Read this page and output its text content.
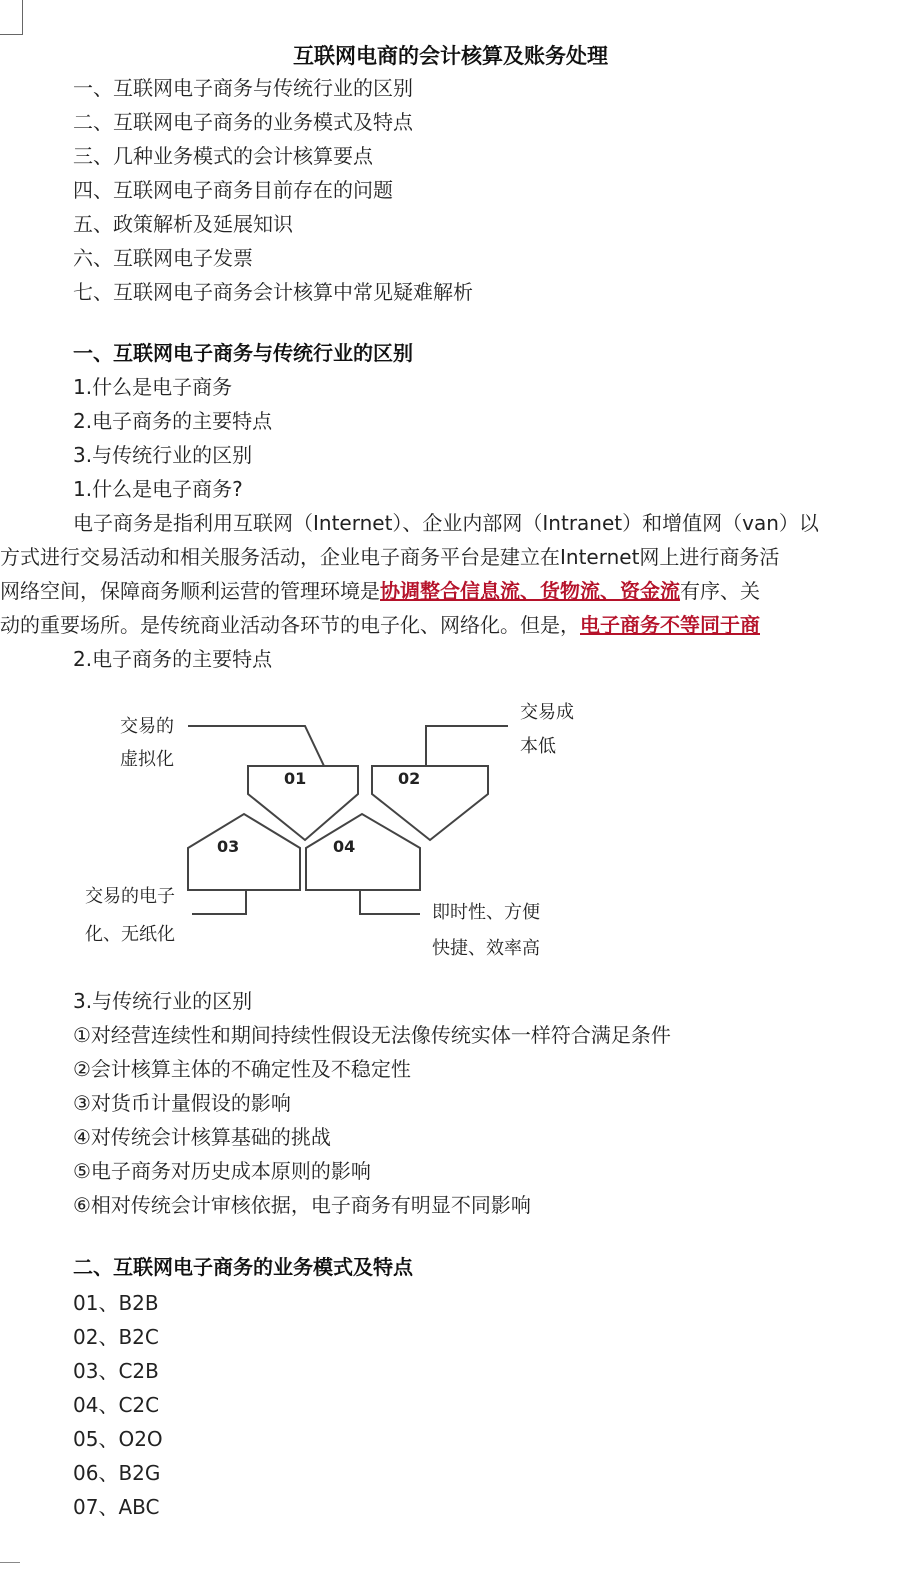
互联网电商的会计核算及账务处理
一、互联网电子商务与传统行业的区别
二、互联网电子商务的业务模式及特点
三、几种业务模式的会计核算要点
四、互联网电子商务目前存在的问题
五、政策解析及延展知识
六、互联网电子发票
七、互联网电子商务会计核算中常见疑难解析
一、互联网电子商务与传统行业的区别
1.什么是电子商务
2.电子商务的主要特点
3.与传统行业的区别
1.什么是电子商务?
电子商务是指利用互联网（Internet）、企业内部网（Intranet）和增值网（van）以
方式进行交易活动和相关服务活动，企业电子商务平台是建立在Internet网上进行商务活
网络空间，保障商务顺利运营的管理环境是协调整合信息流、货物流、资金流有序、关
动的重要场所。是传统商业活动各环节的电子化、网络化。但是，电子商务不等同于商
2.电子商务的主要特点
01	02
03	04
交易的
虚拟化
交易成
本低
交易的电子
化、无纸化
即时性、方便
快捷、效率高
3.与传统行业的区别
①对经营连续性和期间持续性假设无法像传统实体一样符合满足条件
②会计核算主体的不确定性及不稳定性
③对货币计量假设的影响
④对传统会计核算基础的挑战
⑤电子商务对历史成本原则的影响
⑥相对传统会计审核依据，电子商务有明显不同影响
二、互联网电子商务的业务模式及特点
01、B2B
02、B2C
03、C2B
04、C2C
05、O2O
06、B2G
07、ABC
